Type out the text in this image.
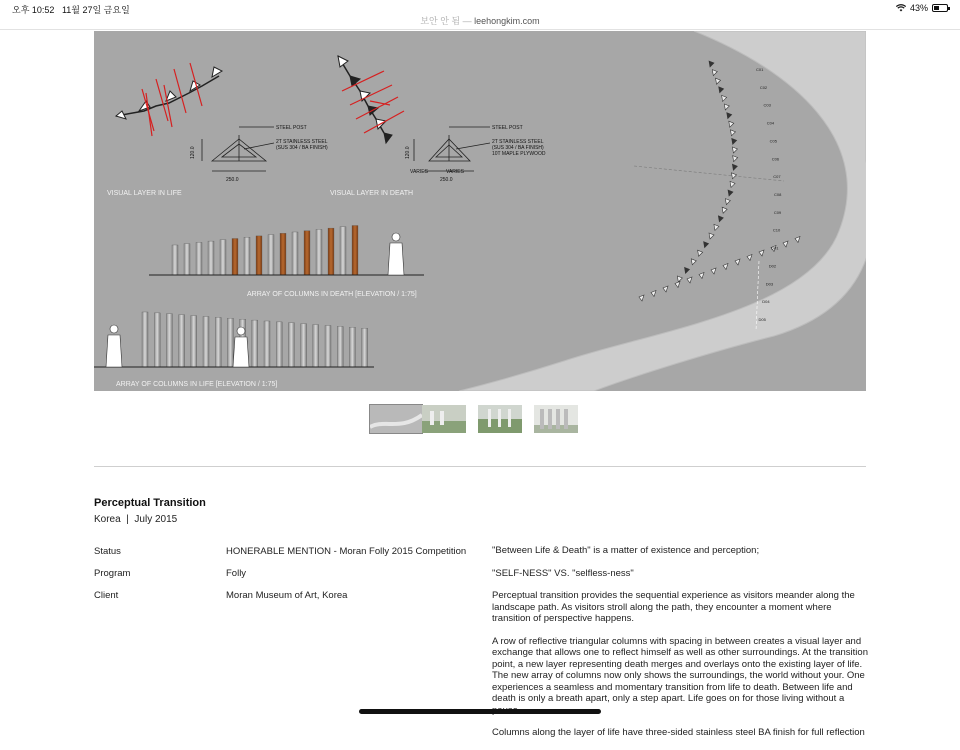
오후 10:52 11월 27일 금요일
보안 안 됨 — leehongkim.com
43%
C01
C02
C03
C04
C05
C06
C07
C08
C09
C10
D01
D02
D03
D04
D05
STEEL POST
2T STAINLESS STEEL
(SUS 304 / BA FINISH)
STEEL POST
2T STAINLESS STEEL
(SUS 304 / BA FINISH)
10T MAPLE PLYWOOD
250.0	250.0
VARIES	VARIES
120.0	120.0
VISUAL LAYER IN LIFE	VISUAL LAYER IN DEATH
ARRAY OF COLUMNS IN DEATH [ELEVATION / 1:75]
ARRAY OF COLUMNS IN LIFE [ELEVATION / 1:75]
Perceptual Transition
Korea | July 2015
Status	HONERABLE MENTION - Moran Folly 2015 Competition
Program	Folly
Client	Moran Museum of Art, Korea

"Between Life & Death" is a matter of existence and perception;

"SELF-NESS" VS. "selfless-ness"

Perceptual transition provides the sequential experience as visitors meander along the landscape path. As visitors stroll along the path, they encounter a moment where transition of perspective happens.

A row of reflective triangular columns with spacing in between creates a visual layer and exchange that allows one to reflect himself as well as other surroundings. At the transition point, a new layer representing death merges and overlays onto the existing layer of life. The new array of columns now only shows the surroundings, the world without your. One experiences a seamless and momentary transition from life to death. Between life and death is only a breath apart, only a step apart. Life goes on for those living without a

Columns along the layer of life have three-sided stainless steel BA finish for full reflection
